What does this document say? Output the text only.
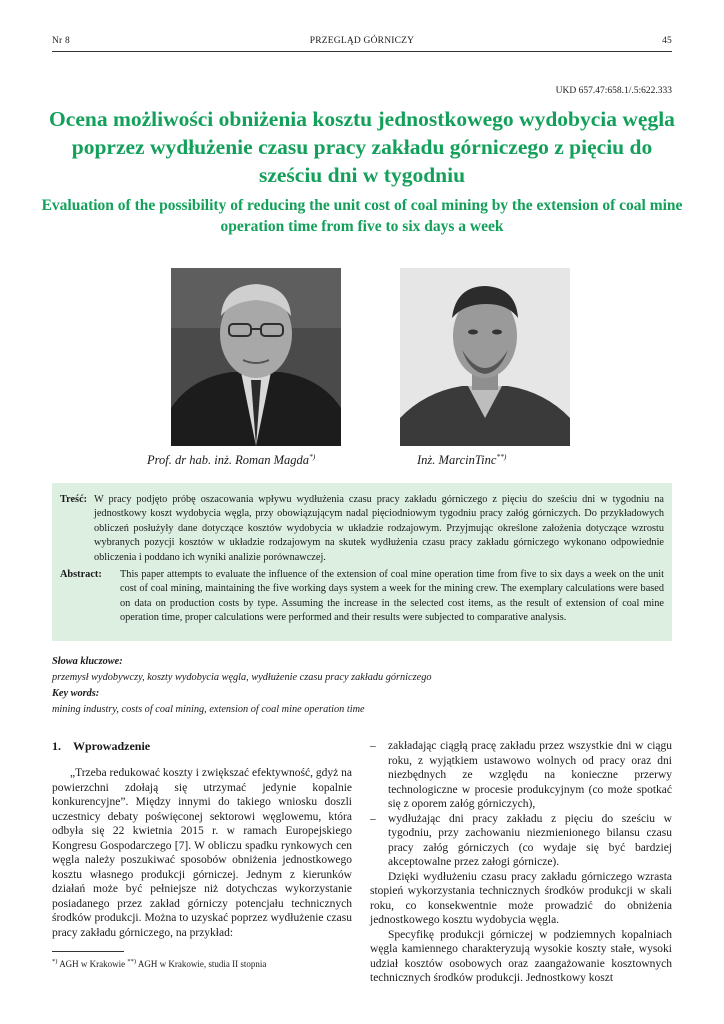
Nr 8	PRZEGLĄD GÓRNICZY	45
UKD 657.47:658.1/.5:622.333
Ocena możliwości obniżenia kosztu jednostkowego wydobycia węgla poprzez wydłużenie czasu pracy zakładu górniczego z pięciu do sześciu dni w tygodniu
Evaluation of the possibility of reducing the unit cost of coal mining by the extension of coal mine operation time from five to six days a week
Prof. dr hab. inż. Roman Magda*)	Inż. MarcinTinc**)
Treść: W pracy podjęto próbę oszacowania wpływu wydłużenia czasu pracy zakładu górniczego z pięciu do sześciu dni w tygodniu na jednostkowy koszt wydobycia węgla, przy obowiązującym nadal pięciodniowym tygodniu pracy załóg górniczych. Do przykładowych obliczeń posłużyły dane dotyczące kosztów wydobycia w układzie rodzajowym. Przyjmując określone założenia dotyczące wzrostu wybranych pozycji kosztów w układzie rodzajowym na skutek wydłużenia czasu pracy zakładu górniczego wykonano odpowiednie obliczenia i poddano ich wyniki analizie porównawczej.
Abstract:	This paper attempts to evaluate the influence of the extension of coal mine operation time from five to six days a week on the unit cost of coal mining, maintaining the five working days system a week for the mining crew. The exemplary calculations were based on data on production costs by type. Assuming the increase in the selected cost items, as the result of extension of coal mine operation time, proper calculations were performed and their results were subjected to comparative analysis.
Słowa kluczowe:
przemysł wydobywczy, koszty wydobycia węgla, wydłużenie czasu pracy zakładu górniczego
Key words:
mining industry, costs of coal mining, extension of coal mine operation time
1. Wprowadzenie

„Trzeba redukować koszty i zwiększać efektywność, gdyż na powierzchni zdołają się utrzymać jedynie kopalnie konkurencyjne”. Między innymi do takiego wniosku doszli uczestnicy debaty poświęconej sektorowi węglowemu, która odbyła się 22 kwietnia 2015 r. w ramach Europejskiego Kongresu Gospodarczego [7]. W obliczu spadku rynkowych cen węgla należy poszukiwać sposobów obniżenia jednostkowego kosztu własnego produkcji górniczej. Jednym z kierunków działań może być pełniejsze niż dotychczas wykorzystanie posiadanego przez zakład górniczy potencjału technicznych środków produkcji. Można to uzyskać poprzez wydłużenie czasu pracy zakładu górniczego, na przykład:

– zakładając ciągłą pracę zakładu przez wszystkie dni w ciągu roku, z wyjątkiem ustawowo wolnych od pracy oraz dni niezbędnych ze względu na konieczne przerwy technologiczne w procesie produkcyjnym (co może spotkać się z oporem załóg górniczych),
– wydłużając dni pracy zakładu z pięciu do sześciu w tygodniu, przy zachowaniu niezmienionego bilansu czasu pracy załóg górniczych (co wydaje się być bardziej akceptowalne przez załogi górnicze).

Dzięki wydłużeniu czasu pracy zakładu górniczego wzrasta stopień wykorzystania technicznych środków produkcji w skali roku, co konsekwentnie może prowadzić do obniżenia jednostkowego kosztu wydobycia węgla.

Specyfikę produkcji górniczej w podziemnych kopalniach węgla kamiennego charakteryzują wysokie koszty stałe, wysoki udział kosztów osobowych oraz zaangażowanie kosztownych technicznych środków produkcji. Jednostkowy koszt

*) AGH w Krakowie **) AGH w Krakowie, studia II stopnia
